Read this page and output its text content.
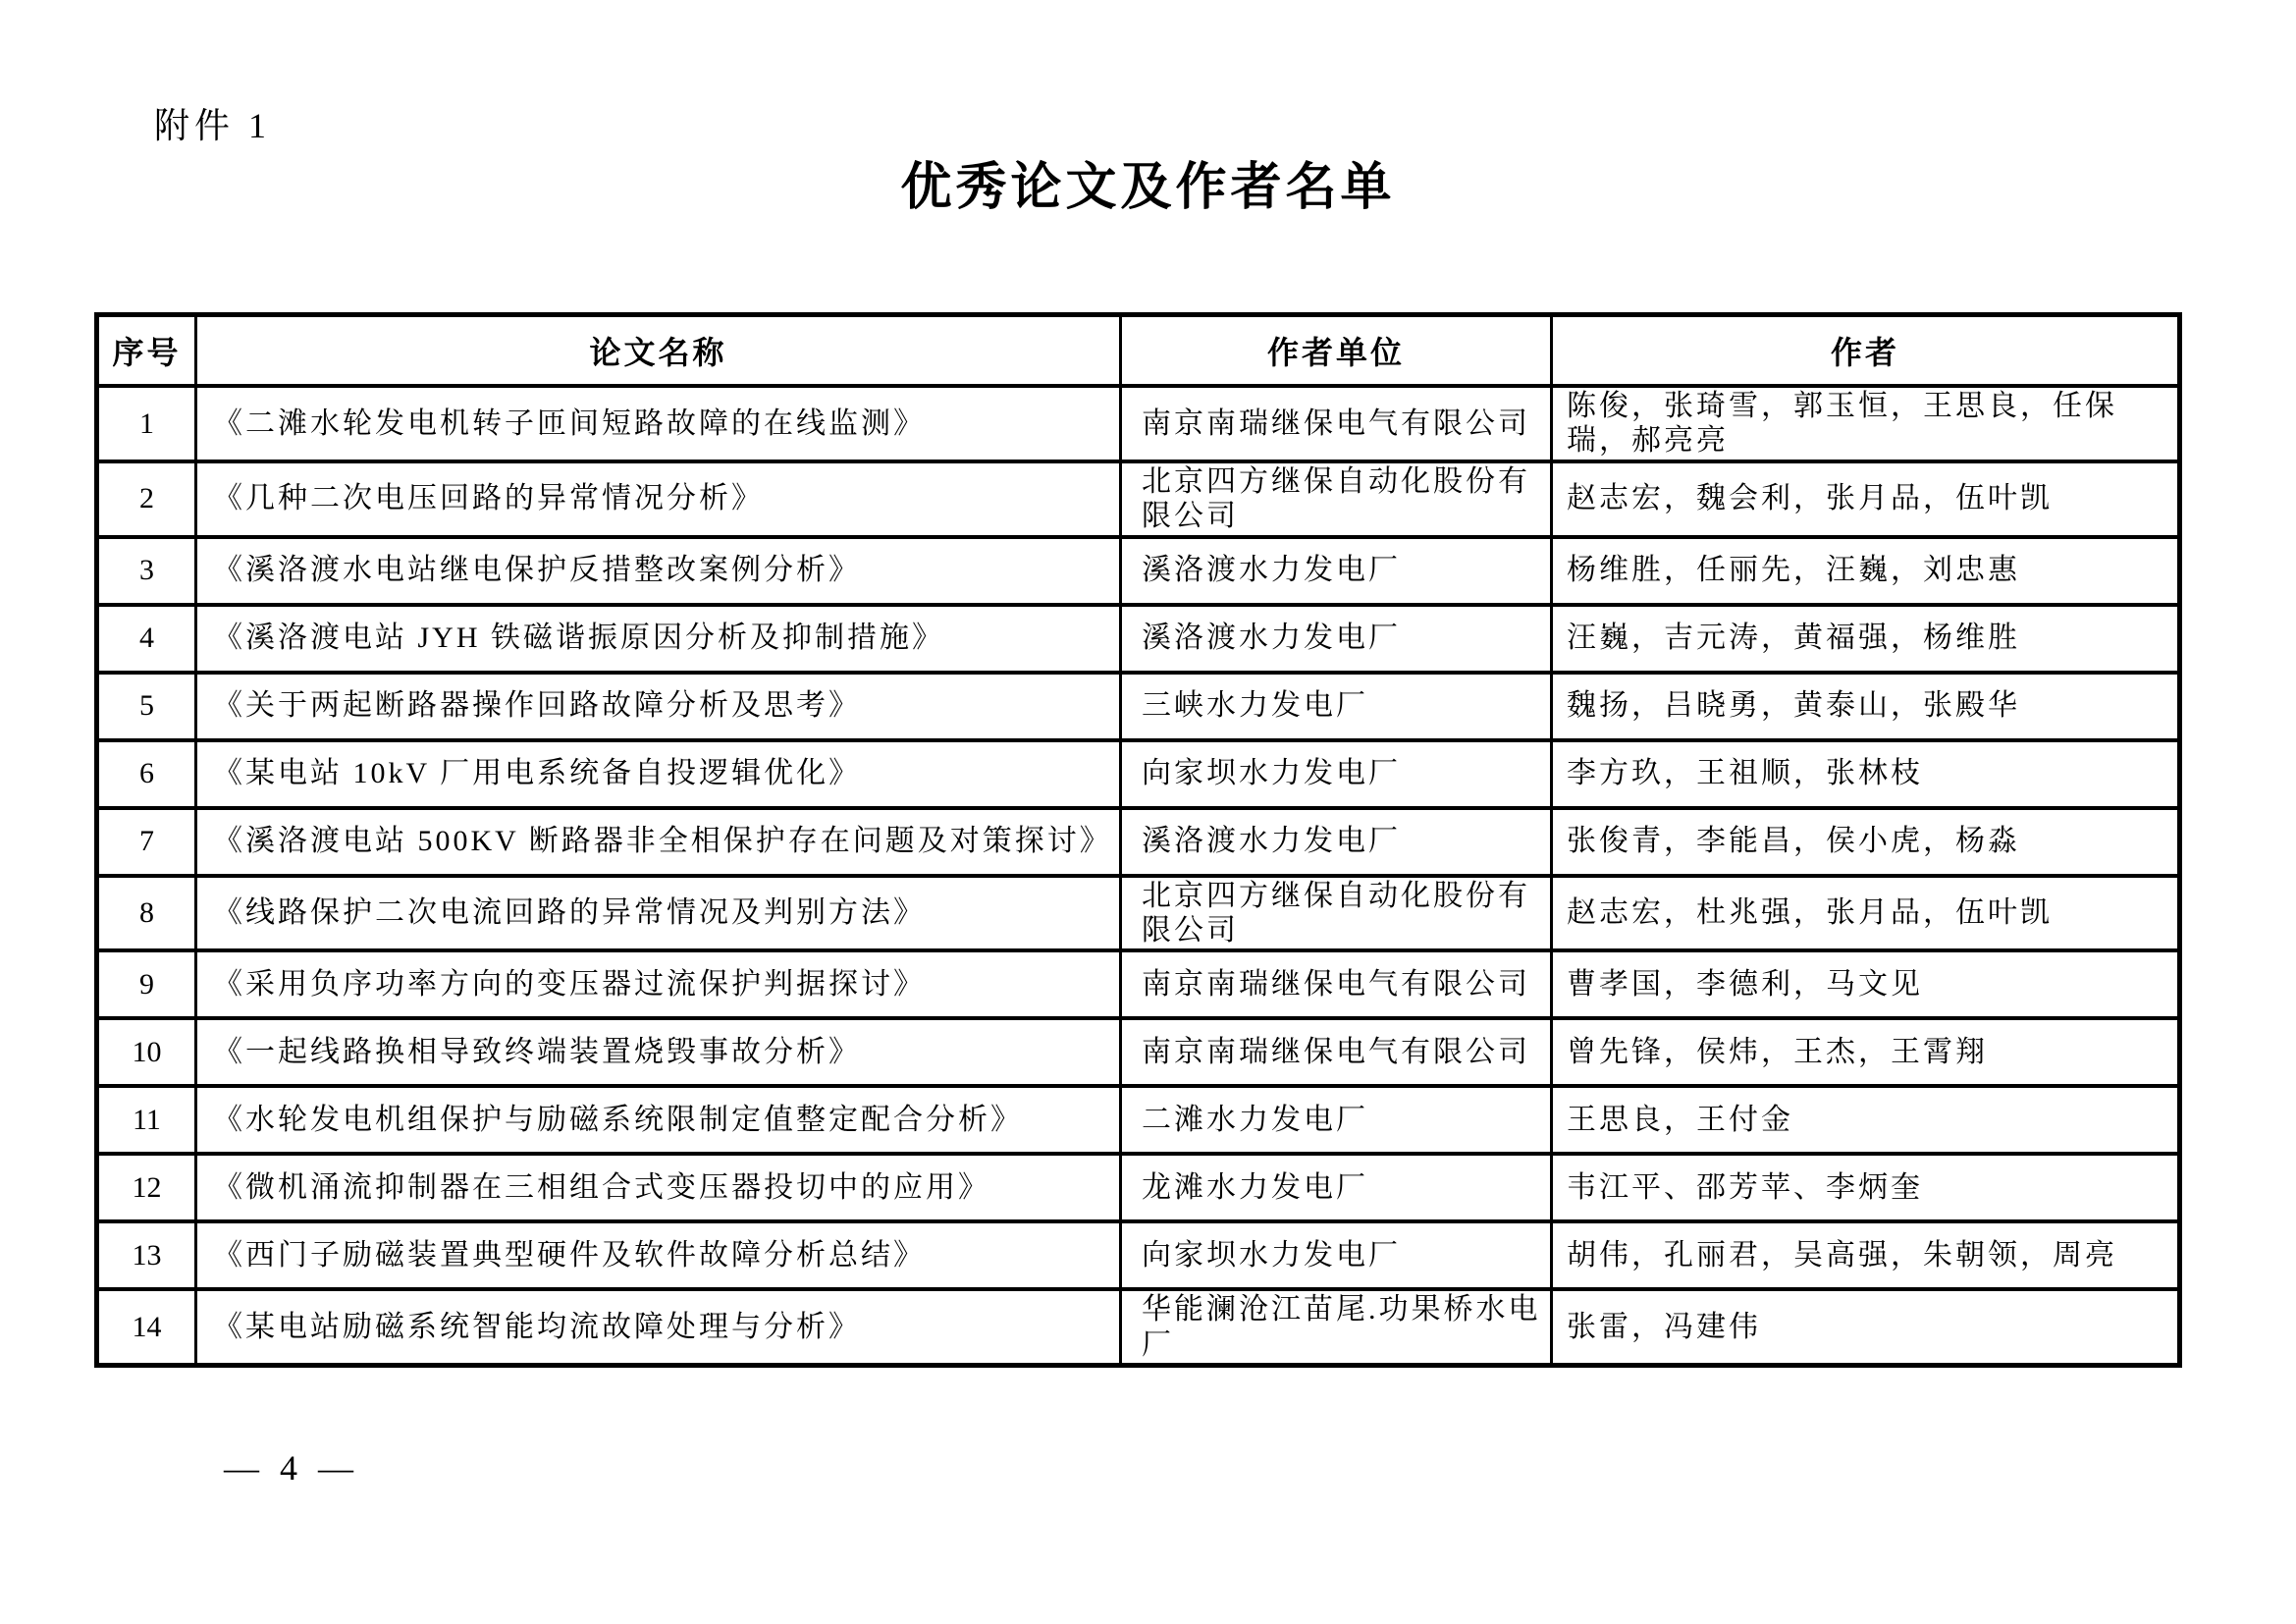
附件 1
优秀论文及作者名单
序号	论文名称	作者单位	作者
1	《二滩水轮发电机转子匝间短路故障的在线监测》	南京南瑞继保电气有限公司	陈俊，张琦雪，郭玉恒，王思良，任保瑞，郝亮亮
2	《几种二次电压回路的异常情况分析》	北京四方继保自动化股份有限公司	赵志宏，魏会利，张月品，伍叶凯
3	《溪洛渡水电站继电保护反措整改案例分析》	溪洛渡水力发电厂	杨维胜，任丽先，汪巍，刘忠惠
4	《溪洛渡电站 JYH 铁磁谐振原因分析及抑制措施》	溪洛渡水力发电厂	汪巍，吉元涛，黄福强，杨维胜
5	《关于两起断路器操作回路故障分析及思考》	三峡水力发电厂	魏扬，吕晓勇，黄泰山，张殿华
6	《某电站 10kV 厂用电系统备自投逻辑优化》	向家坝水力发电厂	李方玖，王祖顺，张林枝
7	《溪洛渡电站 500KV 断路器非全相保护存在问题及对策探讨》	溪洛渡水力发电厂	张俊青，李能昌，侯小虎，杨淼
8	《线路保护二次电流回路的异常情况及判别方法》	北京四方继保自动化股份有限公司	赵志宏，杜兆强，张月品，伍叶凯
9	《采用负序功率方向的变压器过流保护判据探讨》	南京南瑞继保电气有限公司	曹孝国，李德利，马文见
10	《一起线路换相导致终端装置烧毁事故分析》	南京南瑞继保电气有限公司	曾先锋，侯炜，王杰，王霄翔
11	《水轮发电机组保护与励磁系统限制定值整定配合分析》	二滩水力发电厂	王思良，王付金
12	《微机涌流抑制器在三相组合式变压器投切中的应用》	龙滩水力发电厂	韦江平、邵芳苹、李炳奎
13	《西门子励磁装置典型硬件及软件故障分析总结》	向家坝水力发电厂	胡伟，孔丽君，吴高强，朱朝领，周亮
14	《某电站励磁系统智能均流故障处理与分析》	华能澜沧江苗尾.功果桥水电厂	张雷，冯建伟
— 4 —
